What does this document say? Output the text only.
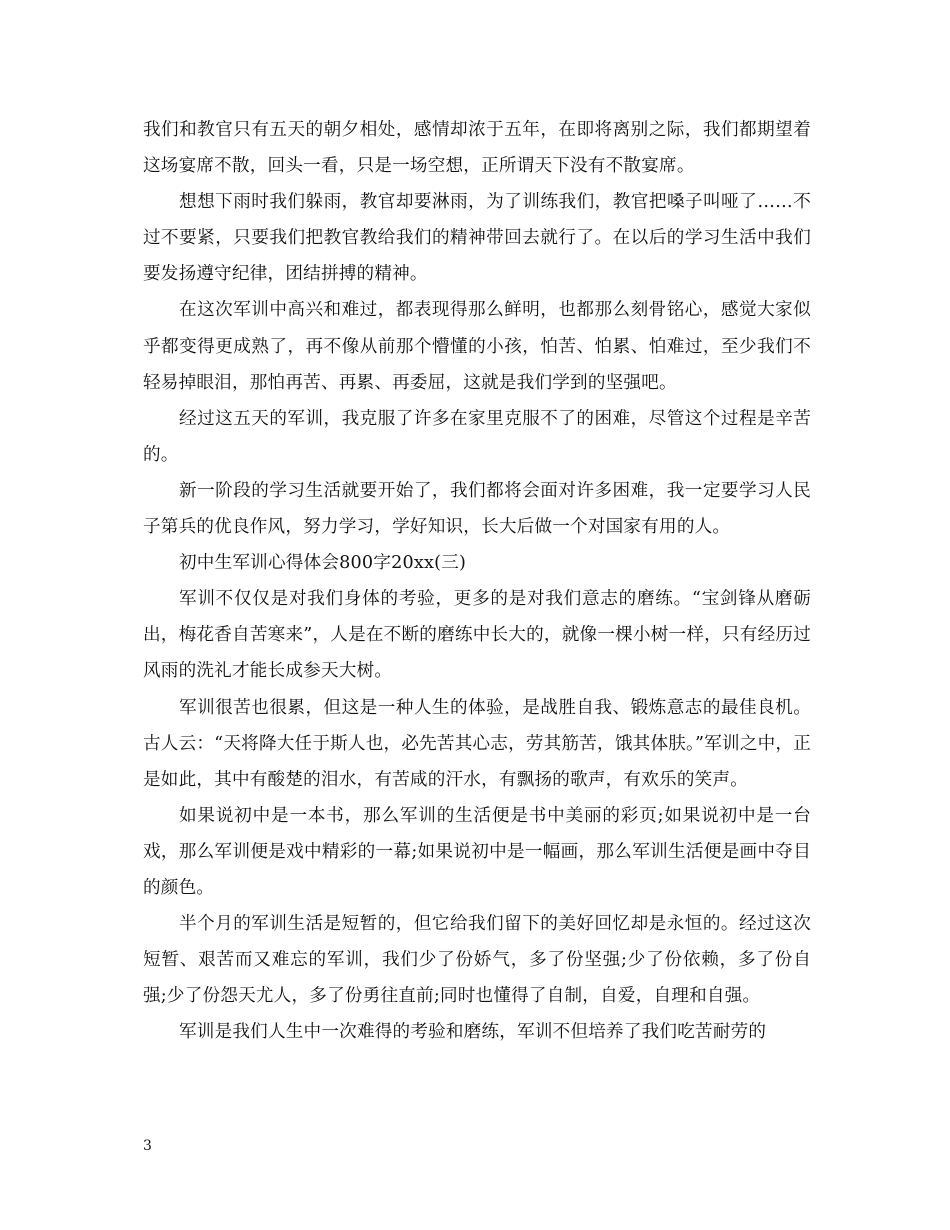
我们和教官只有五天的朝夕相处，感情却浓于五年，在即将离别之际，我们都期望着这场宴席不散，回头一看，只是一场空想，正所谓天下没有不散宴席。

想想下雨时我们躲雨，教官却要淋雨，为了训练我们，教官把嗓子叫哑了……不过不要紧，只要我们把教官教给我们的精神带回去就行了。在以后的学习生活中我们要发扬遵守纪律，团结拼搏的精神。

在这次军训中高兴和难过，都表现得那么鲜明，也都那么刻骨铭心，感觉大家似乎都变得更成熟了，再不像从前那个懵懂的小孩，怕苦、怕累、怕难过，至少我们不轻易掉眼泪，那怕再苦、再累、再委屈，这就是我们学到的坚强吧。

经过这五天的军训，我克服了许多在家里克服不了的困难，尽管这个过程是辛苦的。

新一阶段的学习生活就要开始了，我们都将会面对许多困难，我一定要学习人民子第兵的优良作风，努力学习，学好知识，长大后做一个对国家有用的人。

初中生军训心得体会800字20xx(三)

军训不仅仅是对我们身体的考验，更多的是对我们意志的磨练。“宝剑锋从磨砺出，梅花香自苦寒来”，人是在不断的磨练中长大的，就像一棵小树一样，只有经历过风雨的洗礼才能长成参天大树。

军训很苦也很累，但这是一种人生的体验，是战胜自我、锻炼意志的最佳良机。古人云：“天将降大任于斯人也，必先苦其心志，劳其筋苦，饿其体肤。”军训之中，正是如此，其中有酸楚的泪水，有苦咸的汗水，有飘扬的歌声，有欢乐的笑声。

如果说初中是一本书，那么军训的生活便是书中美丽的彩页;如果说初中是一台戏，那么军训便是戏中精彩的一幕;如果说初中是一幅画，那么军训生活便是画中夺目的颜色。

半个月的军训生活是短暂的，但它给我们留下的美好回忆却是永恒的。经过这次短暂、艰苦而又难忘的军训，我们少了份娇气，多了份坚强;少了份依赖，多了份自强;少了份怨天尤人，多了份勇往直前;同时也懂得了自制，自爱，自理和自强。

军训是我们人生中一次难得的考验和磨练，军训不但培养了我们吃苦耐劳的

3
